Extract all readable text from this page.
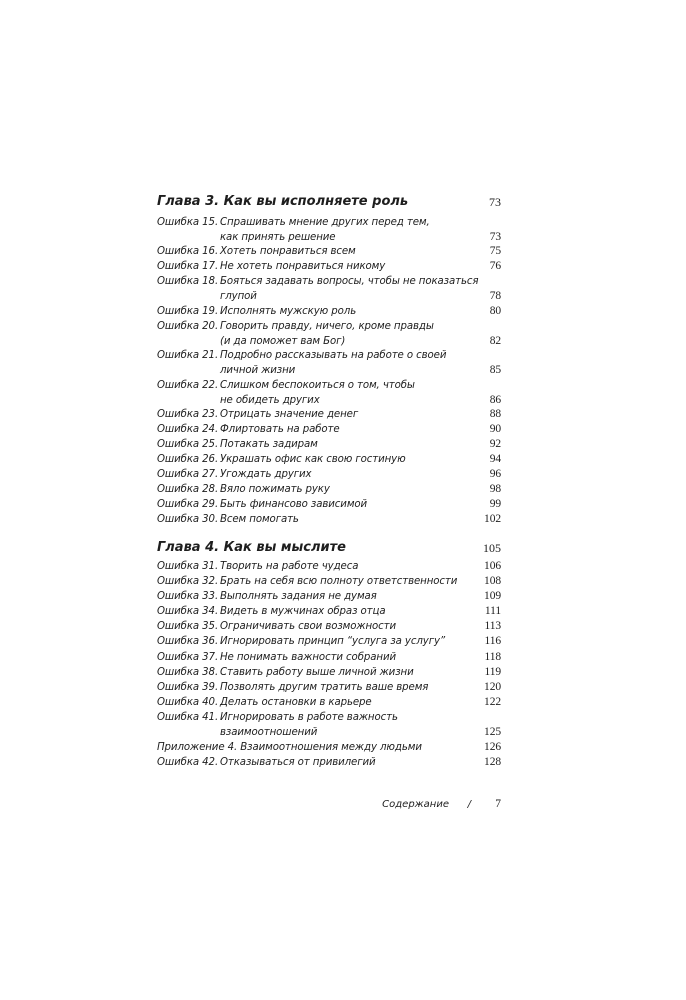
Глава 3. Как вы исполняете роль	73
Ошибка 15. Спрашивать мнение других перед тем,
как принять решение	73
Ошибка 16. Хотеть понравиться всем	75
Ошибка 17. Не хотеть понравиться никому	76
Ошибка 18. Бояться задавать вопросы, чтобы не показаться
глупой	78
Ошибка 19. Исполнять мужскую роль	80
Ошибка 20. Говорить правду, ничего, кроме правды
(и да поможет вам Бог)	82
Ошибка 21. Подробно рассказывать на работе о своей
личной жизни	85
Ошибка 22. Слишком беспокоиться о том, чтобы
не обидеть других	86
Ошибка 23. Отрицать значение денег	88
Ошибка 24. Флиртовать на работе	90
Ошибка 25. Потакать задирам	92
Ошибка 26. Украшать офис как свою гостиную	94
Ошибка 27. Угождать других	96
Ошибка 28. Вяло пожимать руку	98
Ошибка 29. Быть финансово зависимой	99
Ошибка 30. Всем помогать	102
Глава 4. Как вы мыслите	105
Ошибка 31. Творить на работе чудеса	106
Ошибка 32. Брать на себя всю полноту ответственности	108
Ошибка 33. Выполнять задания не думая	109
Ошибка 34. Видеть в мужчинах образ отца	111
Ошибка 35. Ограничивать свои возможности	113
Ошибка 36. Игнорировать принцип “услуга за услугу”	116
Ошибка 37. Не понимать важности собраний	118
Ошибка 38. Ставить работу выше личной жизни	119
Ошибка 39. Позволять другим тратить ваше время	120
Ошибка 40. Делать остановки в карьере	122
Ошибка 41. Игнорировать в работе важность
взаимоотношений	125
Приложение 4. Взаимоотношения между людьми	126
Ошибка 42. Отказываться от привилегий	128
Содержание / 7
